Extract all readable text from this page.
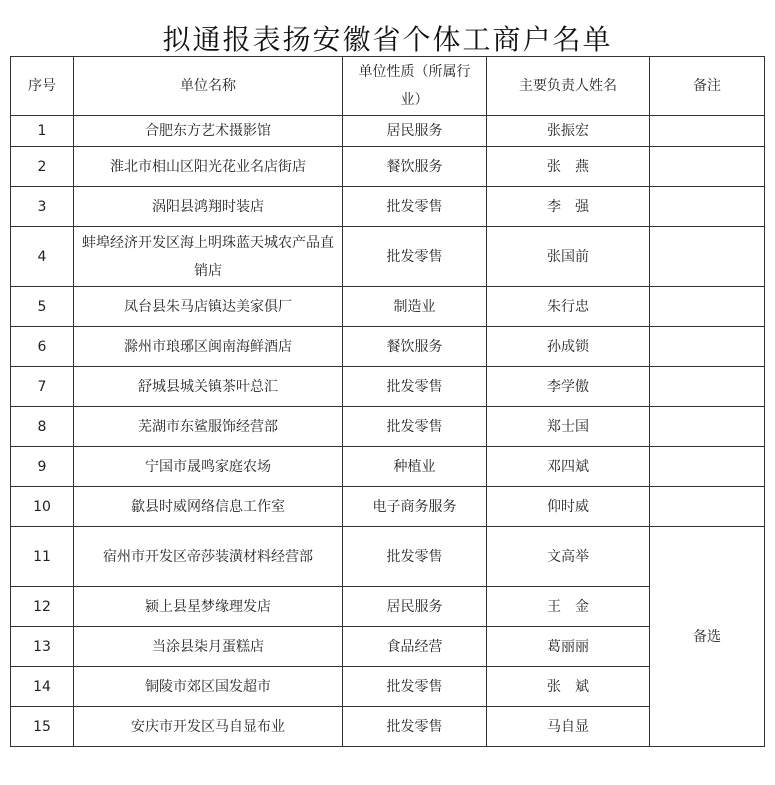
拟通报表扬安徽省个体工商户名单
序号	单位名称	单位性质（所属行业）	主要负责人姓名	备注
1	合肥东方艺术摄影馆	居民服务	张振宏	
2	淮北市相山区阳光花业名店街店	餐饮服务	张　燕	
3	涡阳县鸿翔时装店	批发零售	李　强	
4	蚌埠经济开发区海上明珠蓝天城农产品直销店	批发零售	张国前	
5	凤台县朱马店镇达美家俱厂	制造业	朱行忠	
6	滁州市琅琊区闽南海鲜酒店	餐饮服务	孙成锁	
7	舒城县城关镇茶叶总汇	批发零售	李学傲	
8	芜湖市东鲨服饰经营部	批发零售	郑士国	
9	宁国市晟鸣家庭农场	种植业	邓四斌	
10	歙县时威网络信息工作室	电子商务服务	仰时威	
11	宿州市开发区帝莎装潢材料经营部	批发零售	文高举	备选
12	颍上县星梦缘理发店	居民服务	王　金	
13	当涂县柒月蛋糕店	食品经营	葛丽丽	
14	铜陵市郊区国发超市	批发零售	张　斌	
15	安庆市开发区马自显布业	批发零售	马自显	
